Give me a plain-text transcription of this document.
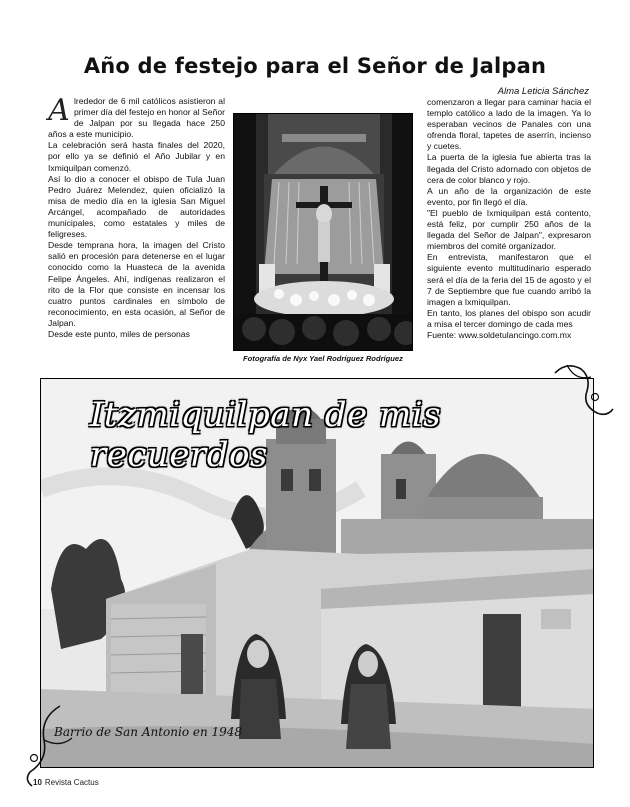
Año de festejo para el Señor de Jalpan
Alma Leticia Sánchez
A lrededor de 6 mil católicos asistieron al primer día del festejo en honor al Señor de Jalpan por su llegada hace 250 años a este municipio.

La celebración será hasta finales del 2020, por ello ya se definió el Año Jubilar y en Ixmiquilpan comenzó.

Así lo dio a conocer el obispo de Tula Juan Pedro Juárez Melendez, quien oficializó la misa de medio día en la iglesia San Miguel Arcángel, acompañado de autoridades municipales, como estatales y miles de feligreses.

Desde temprana hora, la imagen del Cristo salió en procesión para detenerse en el lugar conocido como la Huasteca de la avenida Felipe Ángeles. Ahí, indígenas realizaron el rito de la Flor que consiste en incensar los cuatro puntos cardinales en símbolo de reconocimiento, en esta ocasión, al Señor de Jalpan.

Desde este punto, miles de personas

Fotografía de Nyx Yael Rodríguez Rodríguez

comenzaron a llegar para caminar hacia el templo católico a lado de la imagen. Ya lo esperaban vecinos de Panales con una ofrenda floral, tapetes de aserrín, incienso y cuetes.

La puerta de la iglesia fue abierta tras la llegada del Cristo adornado con objetos de cera de color blanco y rojo.

A un año de la organización de este evento, por fin llegó el día.

"El pueblo de Ixmiquilpan está contento, está feliz, por cumplir 250 años de la llegada del Señor de Jalpan", expresaron miembros del comité organizador.

En entrevista, manifestaron que el siguiente evento multitudinario esperado será el día de la feria del 15 de agosto y el 7 de Septiembre que fue cuando arribó la imagen a Ixmiquilpan.

En tanto, los planes del obispo son acudir a misa el tercer domingo de cada mes

Fuente: www.soldetulancingo.com.mx

Itzmiquilpan de mis recuerdos
Barrio de San Antonio en 1948
10 Revista Cactus
